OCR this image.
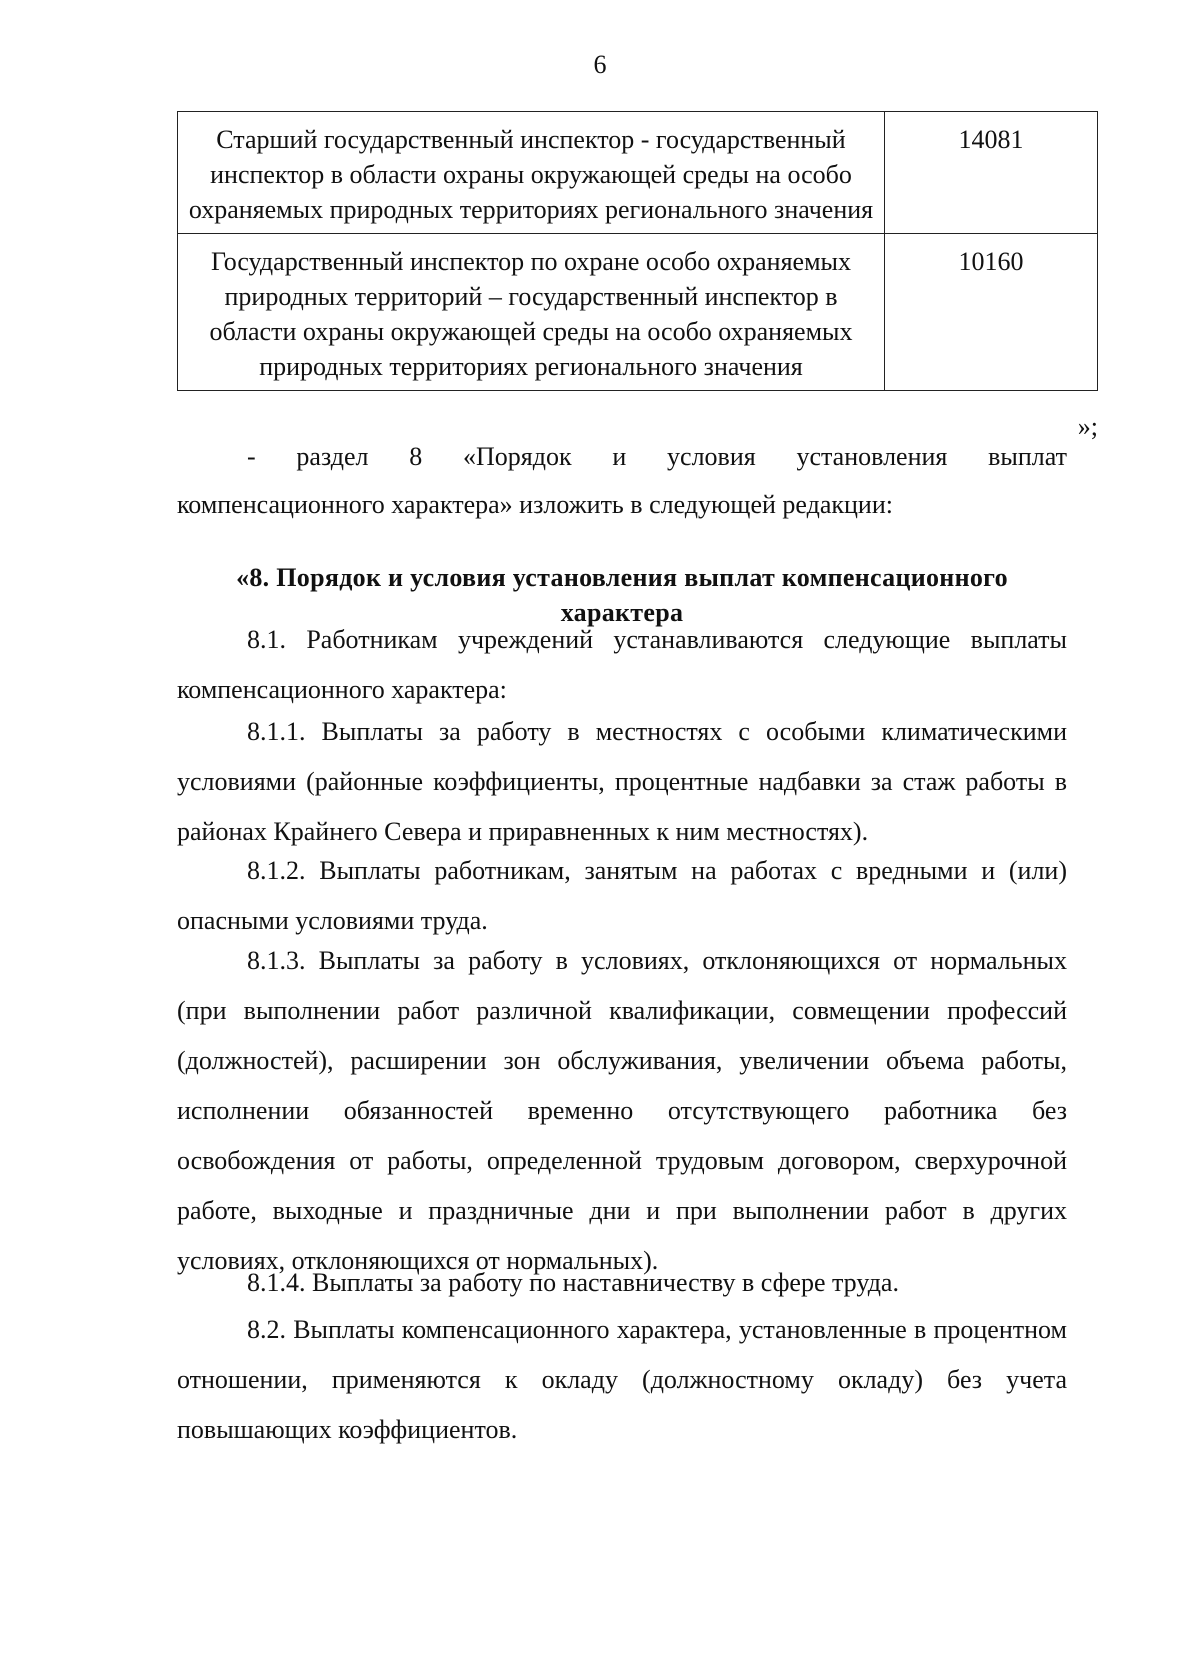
6
Старший государственный инспектор - государственный инспектор в области охраны окружающей среды на особо охраняемых природных территориях регионального значения	14081
Государственный инспектор по охране особо охраняемых природных территорий – государственный инспектор в области охраны окружающей среды на особо охраняемых природных территориях регионального значения	10160
»;
- раздел 8 «Порядок и условия установления выплат
компенсационного характера» изложить в следующей редакции:
«8. Порядок и условия установления выплат компенсационного
характера
8.1. Работникам учреждений устанавливаются следующие выплаты компенсационного характера:
8.1.1. Выплаты за работу в местностях с особыми климатическими условиями (районные коэффициенты, процентные надбавки за стаж работы в районах Крайнего Севера и приравненных к ним местностях).
8.1.2. Выплаты работникам, занятым на работах с вредными и (или) опасными условиями труда.
8.1.3. Выплаты за работу в условиях, отклоняющихся от нормальных (при выполнении работ различной квалификации, совмещении профессий (должностей), расширении зон обслуживания, увеличении объема работы, исполнении обязанностей временно отсутствующего работника без освобождения от работы, определенной трудовым договором, сверхурочной работе, выходные и праздничные дни и при выполнении работ в других условиях, отклоняющихся от нормальных).
8.1.4. Выплаты за работу по наставничеству в сфере труда.
8.2. Выплаты компенсационного характера, установленные в процентном отношении, применяются к окладу (должностному окладу) без учета повышающих коэффициентов.
